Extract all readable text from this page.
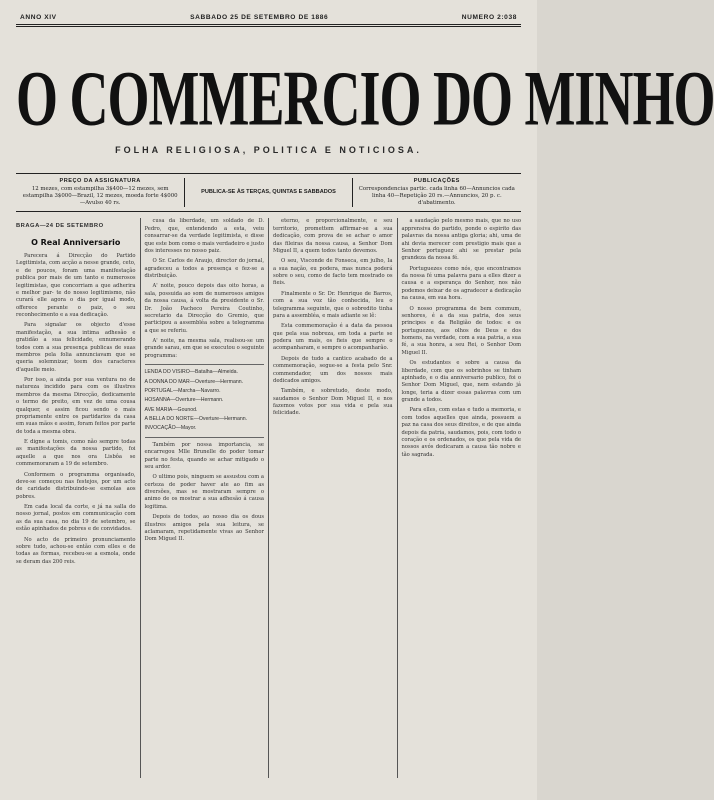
ANNO XIV	SABBADO 25 DE SETEMBRO DE 1886	NUMERO 2:038
O COMMERCIO DO MINHO
FOLHA RELIGIOSA, POLITICA E NOTICIOSA.
PREÇO DA ASSIGNATURA
12 mezes, com estampilha 3$400—12 mezes, sem estampilha 3$000—Brazil, 12 mezes, moeda forte 4$000—Avulso 40 rs.
PUBLICA-SE ÀS TERÇAS, QUINTAS E SABBADOS
PUBLICAÇÕES
Correspondencias partic. cada linha 60—Annuncios cada linha 40—Repetição 20 rs.—Annuncios, 20 p. c. d'abatimento.
BRAGA—24 DE SETEMBRO
O Real Anniversario

Parecera á Direcção do Partido Legitimista, com acção a nesse grande, ceto, e de poucos, foram uma manifestação publica por mais de um tanto e numerosos legitimistas, que concorriam a que adherira e melhor par- te do nosso legitimismo, não curará elle agora o dia por igual modo, offerece perante o paiz, o seu reconhecimento e a sua dedicação.

Para signalar os objecto d'esse manifestação, a sua intima adhesão e gratidão a sua felicidade, ennumerando todos com a sua presença publicas de suas membros pela folia annunciavam que se queria solemnizar, teem dos caracteres d'aquelle meio.

Por isso, a ainda por sua ventura no de natureza incidido para com os illustres membros da mesma Direcção, dedicamente o termo de preito, em vez de uma cousa qualquer, e assim ficou sendo o mais propriamente entre os partidarios da casa em suas mãos e assim, foram feitos por parte de toda a mesma obra.

E digne a tomis, como não sempre todas as manifestações da nossa partido, foi aquelle a que nos ora Lisbôa se commemoraram a 19 de setembro.

Conformem o programma organisado, deve-se começou nas festejos, por um acto de caridade distribuindo-se esmolas aos pobres.

Em cada local da corte, e já na salla do nosso jornal, postos em communicação com as da sua casa, no dia 19 de setembro, se estão apinhados de pobres e de convidados.

No acto de primeiro pronunciamento sobre tudo, achou-se então com elles e de todas as formas, recebeu-se a esmola, onde se deram das 200 reis.

cusa da liberdade, um soldado de D. Pedro, que, entendendo a esta, veiu consarrar-se da verdade legitimista, e disse que este bom como o mais verdadeiro e justo dos interesses no nosso paiz.

O Sr. Carlos de Araujo, director do jornal, agradeceu a todos a presença e fez-se a distribuição.

A' noite, pouco depois das oito horas, a sala, possuida ao som de numerosos amigos da nossa causa, á volta da presidente o Sr. Dr. João Pacheco Pereira Coutinho, secretario da Direcção do Gremio, que participou a assembléa sobre a telegramma a que se referiu.

A' noite, na mesma sala, realisou-se um grande sarau, em que se executou o seguinte programma:

LENDA DO VISIRO—Batalha—Almeida.
A DONNA DO MAR—Overture—Hermann.
PORTUGAL—Marcha—Navarro.
HOSANNA—Overture—Hermann.
AVE MARIA—Gounod.
A BELLA DO NORTE—Overture—Hermann.
INVOCAÇÃO—Mayor.

Também por nossa importancia, se encarregou Mlle Brunelle do poder tomar parte no festa, quando se achar mitigado o seu ardor.

O ultimo pois, ninguem se assustou com a certeza de poder haver ate ao fim as diversões, mas se mostraram sempre o animo de os mostrar a sua adhesão á causa legitima.

Depois de todos, ao nosso dia os dous illustres amigos pela sua leitura, se aclamaram, repetidamente vivas ao Senhor Dom Miguel II.

eterno, e proporcionalmente, e seu territorio, promettem affirmar-se a sua dedicação, com prova de se achar o amor das fileiras da nossa causa, a Senhor Dom Miguel II, a quem todos tanto devemos.

O seu, Visconde de Fonseca, em julho, Ia a sua nação, eu podera, mas nunca poderá sobre o seu, como de facto tem mostrado os fieis.

Finalmente o Sr. Dr. Henrique de Barros, com a sua voz tão conhecida, leu o telegramma seguinte, que o sobredito tinha para a assembléa, e mais adiante se lê:

Esta commemoração é a data da pessoa que pela sua nobreza, em toda a parte se podera um mais, os fieis que sempre o acompanharam, e sempre o acompanharão.

Depois de tudo a cantico acabado de a commemoração, segue-se a festa pelo Snr. commendador, um dos nossos mais dedicados amigos.

Também, e sobretudo, deste modo, saudamos o Senhor Dom Miguel II, e nos fazemos votos por sua vida e pela sua felicidade.

a saudação pelo mesmo mais, que no uso apprensiva do partido, ponde o espirito das palavras da nossa antiga gloria; ahi, uma de ahi devia merecer com prestigio mais que a Senhor portuguez ahi se prestar pela grandeza da nossa fé.

Portuguezes como nós, que encontramos da nossa fé uma palavra para a elles dizer a causa e a esperança do Senhor, nos não podemos deixar de os agradecer a dedicação na causa, em sua hora.

O nosso programma de bem commum, senhores, é a da sua patria, dos seus principes e da Religião de todos: e os portuguezes, aos olhos de Deus e dos homens, na verdade, com a sua patria, a sua fé, a sua honra, a seu Rei, o Senhor Dom Miguel II.

Os estudantes e sobre a causa da liberdade, com que os sobrinhos se tinham apinhado, e o dia anniversario publico, foi o Senhor Dom Miguel, que, nem estando já longe, teria a dizer essas palavras com um grande a todos.

Para elles, com estas e tudo a memoria, e com todos aquelles que ainda, possuem a paz na casa dos seus direitos, e de que ainda depois da patria, saudamos, pois, com todo o coração e os ordenados, os que pela vida de nossos avós dedicaram a causa tão nobre e tão sagrada.
